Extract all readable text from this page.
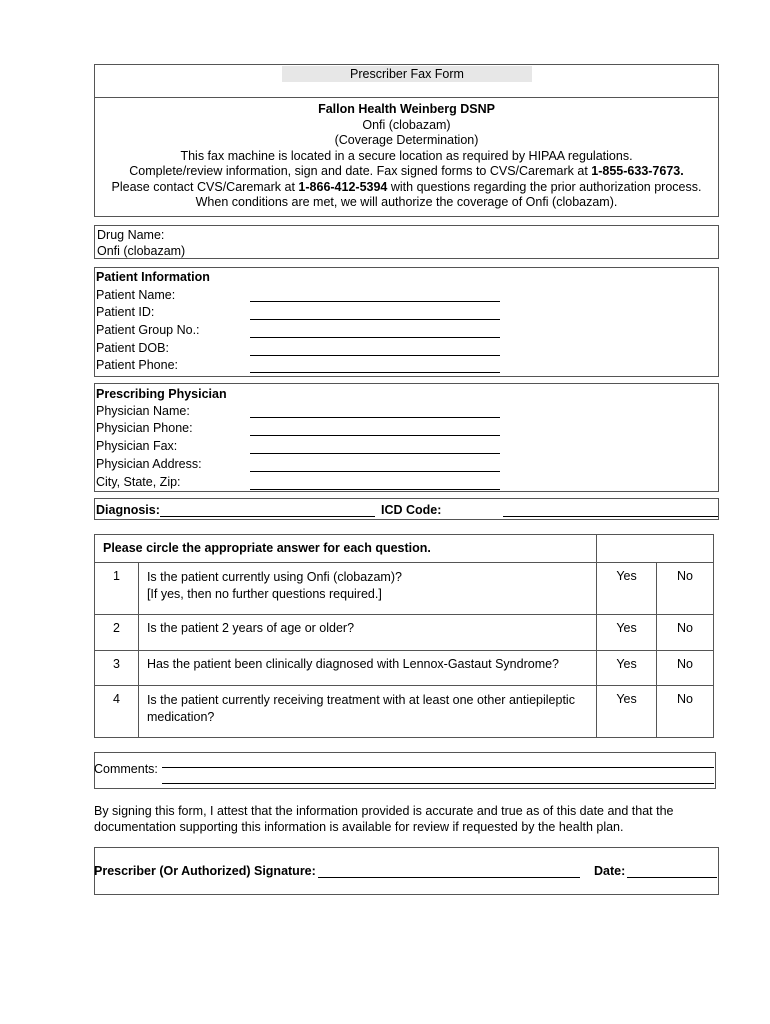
Prescriber Fax Form
Fallon Health Weinberg DSNP
Onfi (clobazam)
(Coverage Determination)
This fax machine is located in a secure location as required by HIPAA regulations.
Complete/review information, sign and date. Fax signed forms to CVS/Caremark at 1-855-633-7673.
Please contact CVS/Caremark at 1-866-412-5394 with questions regarding the prior authorization process.
When conditions are met, we will authorize the coverage of Onfi (clobazam).
Drug Name:
Onfi (clobazam)
Patient Information
Patient Name:
Patient ID:
Patient Group No.:
Patient DOB:
Patient Phone:
Prescribing Physician
Physician Name:
Physician Phone:
Physician Fax:
Physician Address:
City, State, Zip:
Diagnosis:	ICD Code:
Please circle the appropriate answer for each question.			
1	Is the patient currently using Onfi (clobazam)?
[If yes, then no further questions required.]	Yes	No
2	Is the patient 2 years of age or older?	Yes	No
3	Has the patient been clinically diagnosed with Lennox-Gastaut Syndrome?	Yes	No
4	Is the patient currently receiving treatment with at least one other antiepileptic
medication?	Yes	No
Comments:
By signing this form, I attest that the information provided is accurate and true as of this date and that the
documentation supporting this information is available for review if requested by the health plan.
Prescriber (Or Authorized) Signature:	Date:
